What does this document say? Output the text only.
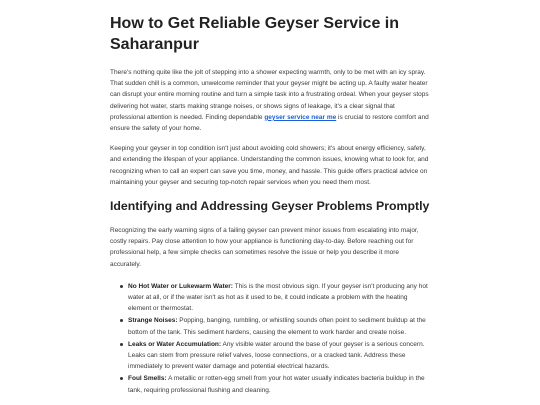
How to Get Reliable Geyser Service in Saharanpur

There's nothing quite like the jolt of stepping into a shower expecting warmth, only to be met with an icy spray. That sudden chill is a common, unwelcome reminder that your geyser might be acting up. A faulty water heater can disrupt your entire morning routine and turn a simple task into a frustrating ordeal. When your geyser stops delivering hot water, starts making strange noises, or shows signs of leakage, it's a clear signal that professional attention is needed. Finding dependable geyser service near me is crucial to restore comfort and ensure the safety of your home.

Keeping your geyser in top condition isn't just about avoiding cold showers; it's about energy efficiency, safety, and extending the lifespan of your appliance. Understanding the common issues, knowing what to look for, and recognizing when to call an expert can save you time, money, and hassle. This guide offers practical advice on maintaining your geyser and securing top-notch repair services when you need them most.

Identifying and Addressing Geyser Problems Promptly

Recognizing the early warning signs of a failing geyser can prevent minor issues from escalating into major, costly repairs. Pay close attention to how your appliance is functioning day-to-day. Before reaching out for professional help, a few simple checks can sometimes resolve the issue or help you describe it more accurately.

No Hot Water or Lukewarm Water: This is the most obvious sign. If your geyser isn't producing any hot water at all, or if the water isn't as hot as it used to be, it could indicate a problem with the heating element or thermostat.
Strange Noises: Popping, banging, rumbling, or whistling sounds often point to sediment buildup at the bottom of the tank. This sediment hardens, causing the element to work harder and create noise.
Leaks or Water Accumulation: Any visible water around the base of your geyser is a serious concern. Leaks can stem from pressure relief valves, loose connections, or a cracked tank. Address these immediately to prevent water damage and potential electrical hazards.
Foul Smells: A metallic or rotten-egg smell from your hot water usually indicates bacteria buildup in the tank, requiring professional flushing and cleaning.
